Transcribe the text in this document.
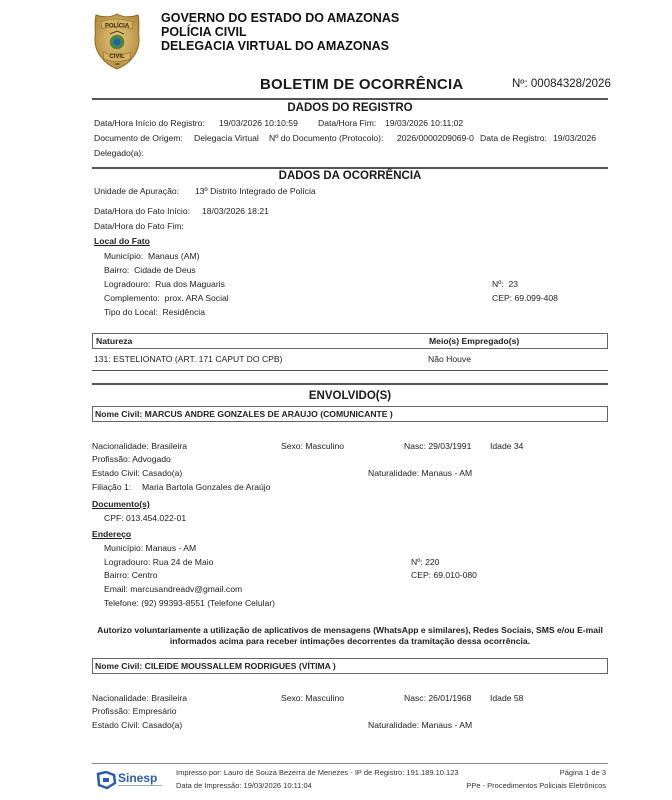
POLÍCIA
CIVIL
AM
GOVERNO DO ESTADO DO AMAZONAS
POLÍCIA CIVIL
DELEGACIA VIRTUAL DO AMAZONAS
BOLETIM DE OCORRÊNCIA	Nº: 00084328/2026
DADOS DO REGISTRO
Data/Hora Início do Registro: 19/03/2026 10:10:59 Data/Hora Fim: 19/03/2026 10:11:02
Documento de Origem: Delegacia Virtual Nº do Documento (Protocolo): 2026/0000209069-0 Data de Registro: 19/03/2026
Delegado(a):
DADOS DA OCORRÊNCIA
Unidade de Apuração: 13º Distrito Integrado de Polícia
Data/Hora do Fato Início: 18/03/2026 18:21
Data/Hora do Fato Fim:
Local do Fato
Município: Manaus (AM)
Bairro: Cidade de Deus
Logradouro: Rua dos Maguaris	Nº: 23
Complemento: prox. ARA Social	CEP: 69.099-408
Tipo do Local: Residência
Natureza	Meio(s) Empregado(s)
131: ESTELIONATO (ART. 171 CAPUT DO CPB)	Não Houve
ENVOLVIDO(S)
Nome Civil: MARCUS ANDRE GONZALES DE ARAUJO (COMUNICANTE )
Nacionalidade: Brasileira	Sexo: Masculino	Nasc: 29/03/1991 Idade 34
Profissão: Advogado
Estado Civil: Casado(a)	Naturalidade: Manaus - AM
Filiação 1: Maria Bartola Gonzales de Araújo
Documento(s)
CPF: 013.454.022-01
Endereço
Município: Manaus - AM
Logradouro: Rua 24 de Maio	Nº: 220
Bairro: Centro	CEP: 69.010-080
Email: marcusandreadv@gmail.com
Telefone: (92) 99393-8551 (Telefone Celular)
Autorizo voluntariamente a utilização de aplicativos de mensagens (WhatsApp e similares), Redes Sociais, SMS e/ou E-mail informados acima para receber intimações decorrentes da tramitação dessa ocorrência.
Nome Civil: CILEIDE MOUSSALLEM RODRIGUES (VÍTIMA )
Nacionalidade: Brasileira	Sexo: Masculino	Nasc: 26/01/1968 Idade 58
Profissão: Empresário
Estado Civil: Casado(a)	Naturalidade: Manaus - AM
Sinesp Impresso por: Lauro de Souza Bezerra de Menezes - IP de Registro: 191.189.10.123
Data de Impressão: 19/03/2026 10:11:04
Página 1 de 3
PPe - Procedimentos Policiais Eletrônicos
